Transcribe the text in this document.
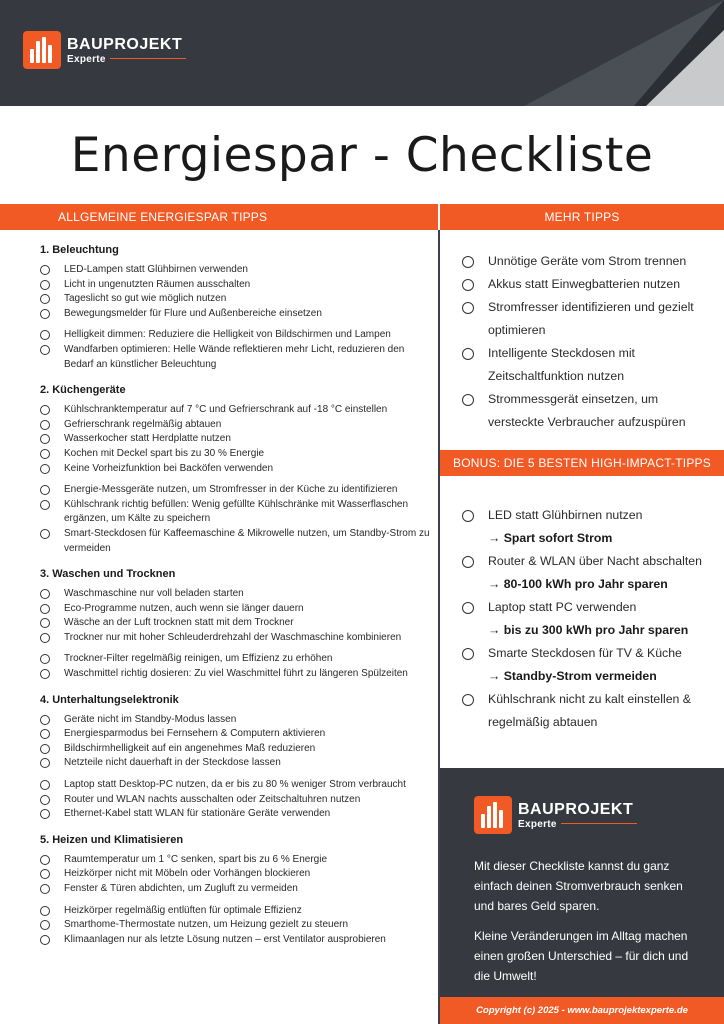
BAUPROJEKT
Experte
Energiespar - Checkliste
ALLGEMEINE ENERGIESPAR TIPPS	MEHR TIPPS
BONUS: DIE 5 BESTEN HIGH-IMPACT-TIPPS
1. Beleuchtung
LED-Lampen statt Glühbirnen verwenden
Licht in ungenutzten Räumen ausschalten
Tageslicht so gut wie möglich nutzen
Bewegungsmelder für Flure und Außenbereiche einsetzen
Helligkeit dimmen: Reduziere die Helligkeit von Bildschirmen und Lampen
Wandfarben optimieren: Helle Wände reflektieren mehr Licht, reduzieren den Bedarf an künstlicher Beleuchtung
2. Küchengeräte
Kühlschranktemperatur auf 7 °C und Gefrierschrank auf -18 °C einstellen
Gefrierschrank regelmäßig abtauen
Wasserkocher statt Herdplatte nutzen
Kochen mit Deckel spart bis zu 30 % Energie
Keine Vorheizfunktion bei Backöfen verwenden
Energie-Messgeräte nutzen, um Stromfresser in der Küche zu identifizieren
Kühlschrank richtig befüllen: Wenig gefüllte Kühlschränke mit Wasserflaschen ergänzen, um Kälte zu speichern
Smart-Steckdosen für Kaffeemaschine & Mikrowelle nutzen, um Standby-Strom zu vermeiden
3. Waschen und Trocknen
Waschmaschine nur voll beladen starten
Eco-Programme nutzen, auch wenn sie länger dauern
Wäsche an der Luft trocknen statt mit dem Trockner
Trockner nur mit hoher Schleuderdrehzahl der Waschmaschine kombinieren
Trockner-Filter regelmäßig reinigen, um Effizienz zu erhöhen
Waschmittel richtig dosieren: Zu viel Waschmittel führt zu längeren Spülzeiten
4. Unterhaltungselektronik
Geräte nicht im Standby-Modus lassen
Energiesparmodus bei Fernsehern & Computern aktivieren
Bildschirmhelligkeit auf ein angenehmes Maß reduzieren
Netzteile nicht dauerhaft in der Steckdose lassen
Laptop statt Desktop-PC nutzen, da er bis zu 80 % weniger Strom verbraucht
Router und WLAN nachts ausschalten oder Zeitschaltuhren nutzen
Ethernet-Kabel statt WLAN für stationäre Geräte verwenden
5. Heizen und Klimatisieren
Raumtemperatur um 1 °C senken, spart bis zu 6 % Energie
Heizkörper nicht mit Möbeln oder Vorhängen blockieren
Fenster & Türen abdichten, um Zugluft zu vermeiden
Heizkörper regelmäßig entlüften für optimale Effizienz
Smarthome-Thermostate nutzen, um Heizung gezielt zu steuern
Klimaanlagen nur als letzte Lösung nutzen – erst Ventilator ausprobieren
Unnötige Geräte vom Strom trennen
Akkus statt Einwegbatterien nutzen
Stromfresser identifizieren und gezielt optimieren
Intelligente Steckdosen mit Zeitschaltfunktion nutzen
Strommessgerät einsetzen, um versteckte Verbraucher aufzuspüren
LED statt Glühbirnen nutzen
→ Spart sofort Strom
Router & WLAN über Nacht abschalten
→ 80-100 kWh pro Jahr sparen
Laptop statt PC verwenden
→ bis zu 300 kWh pro Jahr sparen
Smarte Steckdosen für TV & Küche
→ Standby-Strom vermeiden
Kühlschrank nicht zu kalt einstellen & regelmäßig abtauen
BAUPROJEKT
Experte
Mit dieser Checkliste kannst du ganz einfach deinen Stromverbrauch senken und bares Geld sparen.
Kleine Veränderungen im Alltag machen einen großen Unterschied – für dich und die Umwelt!
Copyright (c) 2025 - www.bauprojektexperte.de
